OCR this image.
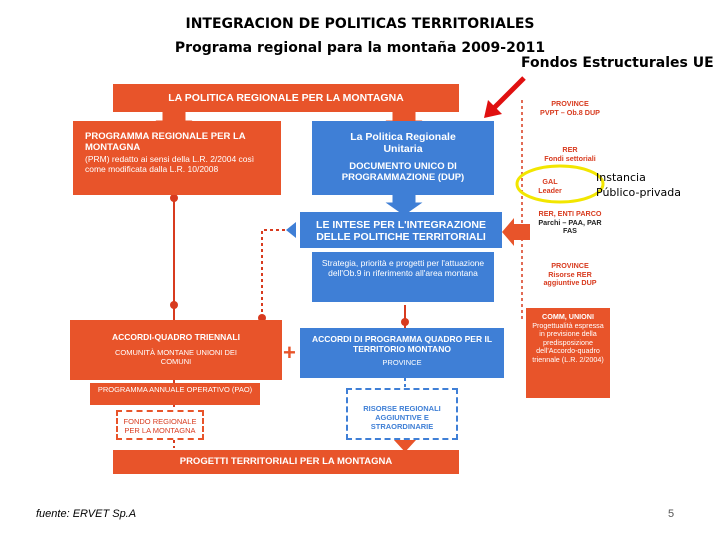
INTEGRACION DE POLITICAS TERRITORIALES
Programa regional para la montaña 2009-2011
Fondos Estructurales UE
LA POLITICA REGIONALE PER LA MONTAGNA
PROGRAMMA REGIONALE PER LA MONTAGNA
(PRM) redatto ai sensi della L.R. 2/2004 così come modificata dalla L.R. 10/2008
La Politica Regionale Unitaria
DOCUMENTO UNICO DI PROGRAMMAZIONE (DUP)
LE INTESE PER L'INTEGRAZIONE DELLE POLITICHE TERRITORIALI
Strategia, priorità e progetti per l'attuazione dell'Ob.9 in riferimento all'area montana
ACCORDI-QUADRO TRIENNALI
COMUNITÀ MONTANE UNIONI DEI COMUNI
PROGRAMMA ANNUALE OPERATIVO (PAO)
FONDO REGIONALE PER LA MONTAGNA
+
ACCORDI DI PROGRAMMA QUADRO PER IL TERRITORIO MONTANO
PROVINCE
RISORSE REGIONALI AGGIUNTIVE E STRAORDINARIE
PROGETTI TERRITORIALI PER LA MONTAGNA
PROVINCE
PVPT – Ob.8 DUP
RER
Fondi settoriali
GAL
Leader
RER, ENTI PARCO
Parchi – PAA, PAR FAS
PROVINCE
Risorse RER aggiuntive DUP
COMM, UNIONI
Progettualità espressa in previsione della predisposizione dell'Accordo-quadro triennale (L.R. 2/2004)
Instancia
Público-privada
fuente: ERVET Sp.A	5
